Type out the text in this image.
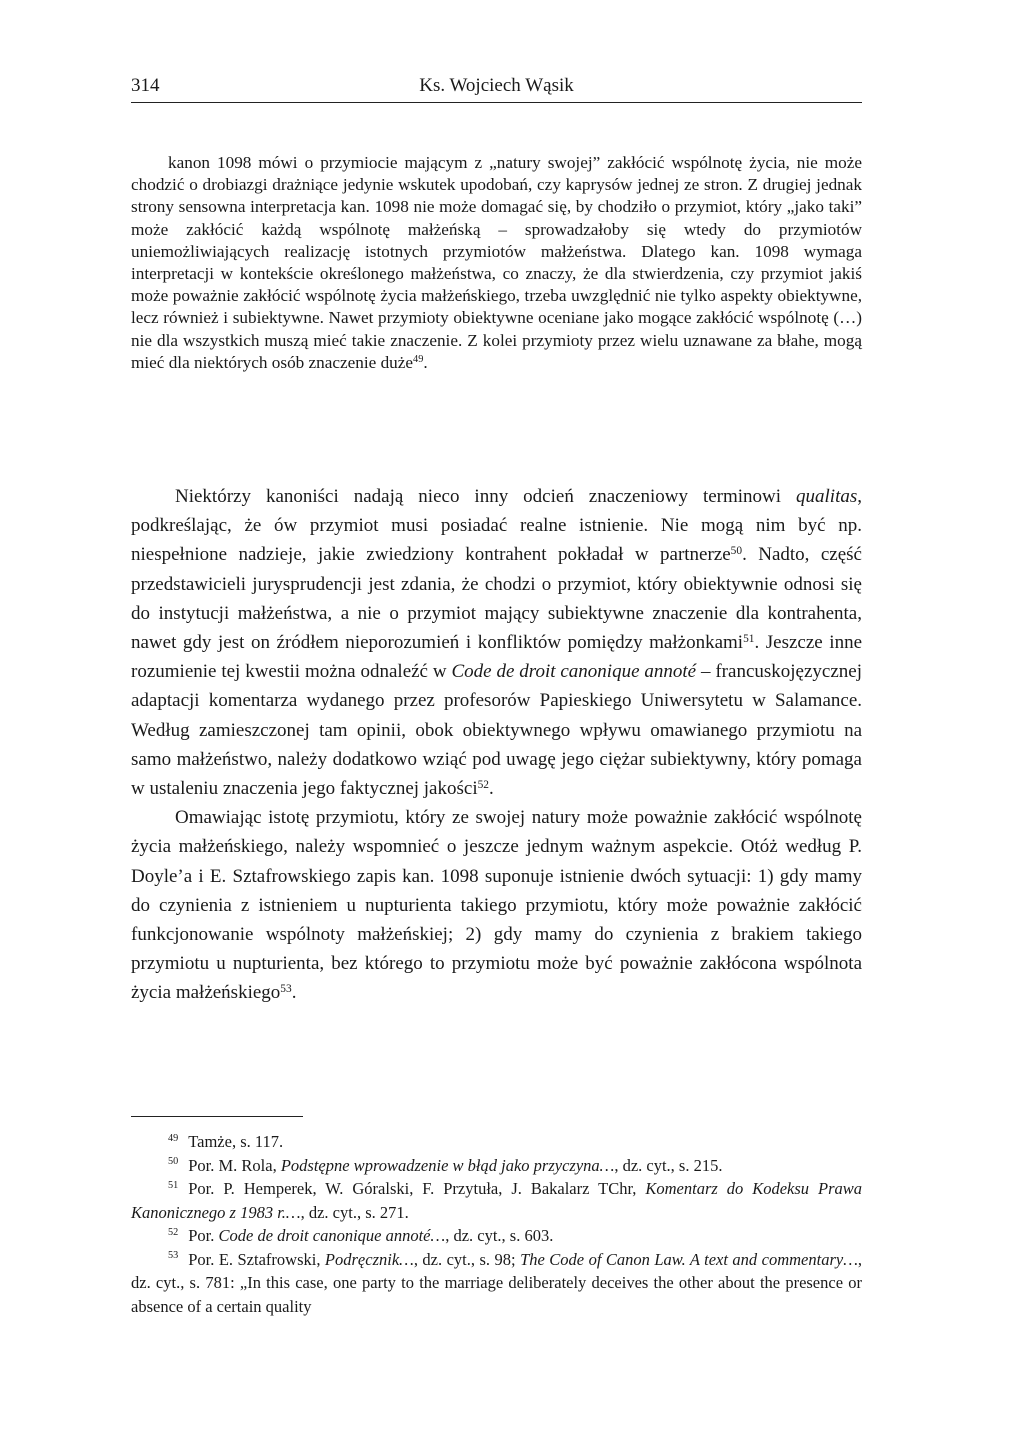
314	Ks. Wojciech Wąsik

kanon 1098 mówi o przymiocie mającym z „natury swojej” zakłócić wspólnotę życia, nie może chodzić o drobiazgi drażniące jedynie wskutek upodobań, czy kaprysów jednej ze stron. Z drugiej jednak strony sensowna interpretacja kan. 1098 nie może domagać się, by chodziło o przymiot, który „jako taki” może zakłócić każdą wspólnotę małżeńską – sprowadzałoby się wtedy do przymiotów uniemożliwiających realizację istotnych przymiotów małżeństwa. Dlatego kan. 1098 wymaga interpretacji w kontekście określonego małżeństwa, co znaczy, że dla stwierdzenia, czy przymiot jakiś może poważnie zakłócić wspólnotę życia małżeńskiego, trzeba uwzględnić nie tylko aspekty obiektywne, lecz również i subiektywne. Nawet przymioty obiektywne oceniane jako mogące zakłócić wspólnotę (…) nie dla wszystkich muszą mieć takie znaczenie. Z kolei przymioty przez wielu uznawane za błahe, mogą mieć dla niektórych osób znaczenie duże$^{49}$.

Niektórzy kanoniści nadają nieco inny odcień znaczeniowy terminowi qualitas, podkreślając, że ów przymiot musi posiadać realne istnienie. Nie mogą nim być np. niespełnione nadzieje, jakie zwiedziony kontrahent pokładał w partnerze$^{50}$. Nadto, część przedstawicieli jurysprudencji jest zdania, że chodzi o przymiot, który obiektywnie odnosi się do instytucji małżeństwa, a nie o przymiot mający subiektywne znaczenie dla kontrahenta, nawet gdy jest on źródłem nieporozumień i konfliktów pomiędzy małżonkami$^{51}$. Jeszcze inne rozumienie tej kwestii można odnaleźć w Code de droit canonique annoté – francuskojęzycznej adaptacji komentarza wydanego przez profesorów Papieskiego Uniwersytetu w Salamance. Według zamieszczonej tam opinii, obok obiektywnego wpływu omawianego przymiotu na samo małżeństwo, należy dodatkowo wziąć pod uwagę jego ciężar subiektywny, który pomaga w ustaleniu znaczenia jego faktycznej jakości$^{52}$.

Omawiając istotę przymiotu, który ze swojej natury może poważnie zakłócić wspólnotę życia małżeńskiego, należy wspomnieć o jeszcze jednym ważnym aspekcie. Otóż według P. Doyle’a i E. Sztafrowskiego zapis kan. 1098 suponuje istnienie dwóch sytuacji: 1) gdy mamy do czynienia z istnieniem u nupturienta takiego przymiotu, który może poważnie zakłócić funkcjonowanie wspólnoty małżeńskiej; 2) gdy mamy do czynienia z brakiem takiego przymiotu u nupturienta, bez którego to przymiotu może być poważnie zakłócona wspólnota życia małżeńskiego$^{53}$.

$^{49}$ Tamże, s. 117.

$^{50}$ Por. M. Rola, Podstępne wprowadzenie w błąd jako przyczyna…, dz. cyt., s. 215.

$^{51}$ Por. P. Hemperek, W. Góralski, F. Przytuła, J. Bakalarz TChr, Komentarz do Kodeksu Prawa Kanonicznego z 1983 r.…, dz. cyt., s. 271.

$^{52}$ Por. Code de droit canonique annoté…, dz. cyt., s. 603.

$^{53}$ Por. E. Sztafrowski, Podręcznik…, dz. cyt., s. 98; The Code of Canon Law. A text and commentary…, dz. cyt., s. 781: „In this case, one party to the marriage deliberately deceives the other about the presence or absence of a certain quality
